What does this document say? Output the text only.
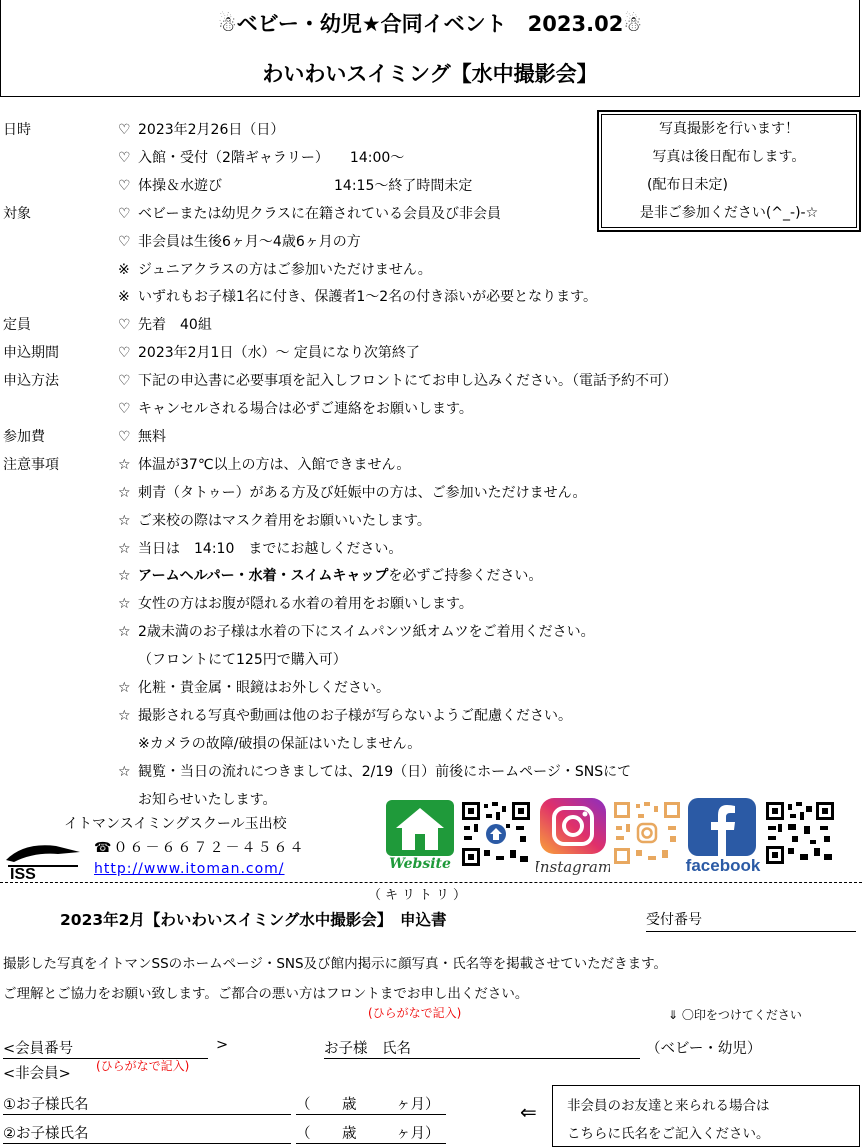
☃ベビー・幼児★合同イベント　2023.02☃
わいわいスイミング【水中撮影会】
写真撮影を行います！
写真は後日配布します。
(配布日未定)
是非ご参加ください(^_-)-☆
日時	♡ 2023年2月26日（日）
♡ 入館・受付（2階ギャラリー）　　14:00～
♡ 体操＆水遊び　　　　　　　　14:15～終了時間未定
対象	♡ ベビーまたは幼児クラスに在籍されている会員及び非会員
♡ 非会員は生後6ヶ月～4歳6ヶ月の方
※ ジュニアクラスの方はご参加いただけません。
※ いずれもお子様1名に付き、保護者1～2名の付き添いが必要となります。
定員	♡ 先着　40組
申込期間	♡ 2023年2月1日（水）～ 定員になり次第終了
申込方法	♡ 下記の申込書に必要事項を記入しフロントにてお申し込みください。（電話予約不可）
♡ キャンセルされる場合は必ずご連絡をお願いします。
参加費	♡ 無料
注意事項	☆ 体温が37℃以上の方は、入館できません。
☆ 刺青（タトゥー）がある方及び妊娠中の方は、ご参加いただけません。
☆ ご来校の際はマスク着用をお願いいたします。
☆ 当日は　14:10　までにお越しください。
☆ アームヘルパー・水着・スイムキャップを必ずご持参ください。
☆ 女性の方はお腹が隠れる水着の着用をお願いします。
☆ 2歳未満のお子様は水着の下にスイムパンツ紙オムツをご着用ください。
（フロントにて125円で購入可）
☆ 化粧・貴金属・眼鏡はお外しください。
☆ 撮影される写真や動画は他のお子様が写らないようご配慮ください。
※カメラの故障/破損の保証はいたしません。
☆ 観覧・当日の流れにつきましては、2/19（日）前後にホームページ・SNSにて
お知らせいたします。
ISS
イトマンスイミングスクール玉出校
☎０６－６６７２－４５６４
http://www.itoman.com/	Website	Instagram	facebook
（キリトリ）
2023年2月【わいわいスイミング水中撮影会】　申込書	受付番号
撮影した写真をイトマンSSのホームページ・SNS及び館内掲示に顔写真・氏名等を掲載させていただきます。
ご理解とご協力をお願い致します。ご都合の悪い方はフロントまでお申し出ください。
(ひらがなで記入)	⇓ 〇印をつけてください
<会員番号	>	お子様　氏名	（ベビー・幼児）
<非会員> (ひらがなで記入)
①お子様氏名	（ 歳	ヶ月）
②お子様氏名	（ 歳	ヶ月）
⇐ 非会員のお友達と来られる場合は
こちらに氏名をご記入ください。
